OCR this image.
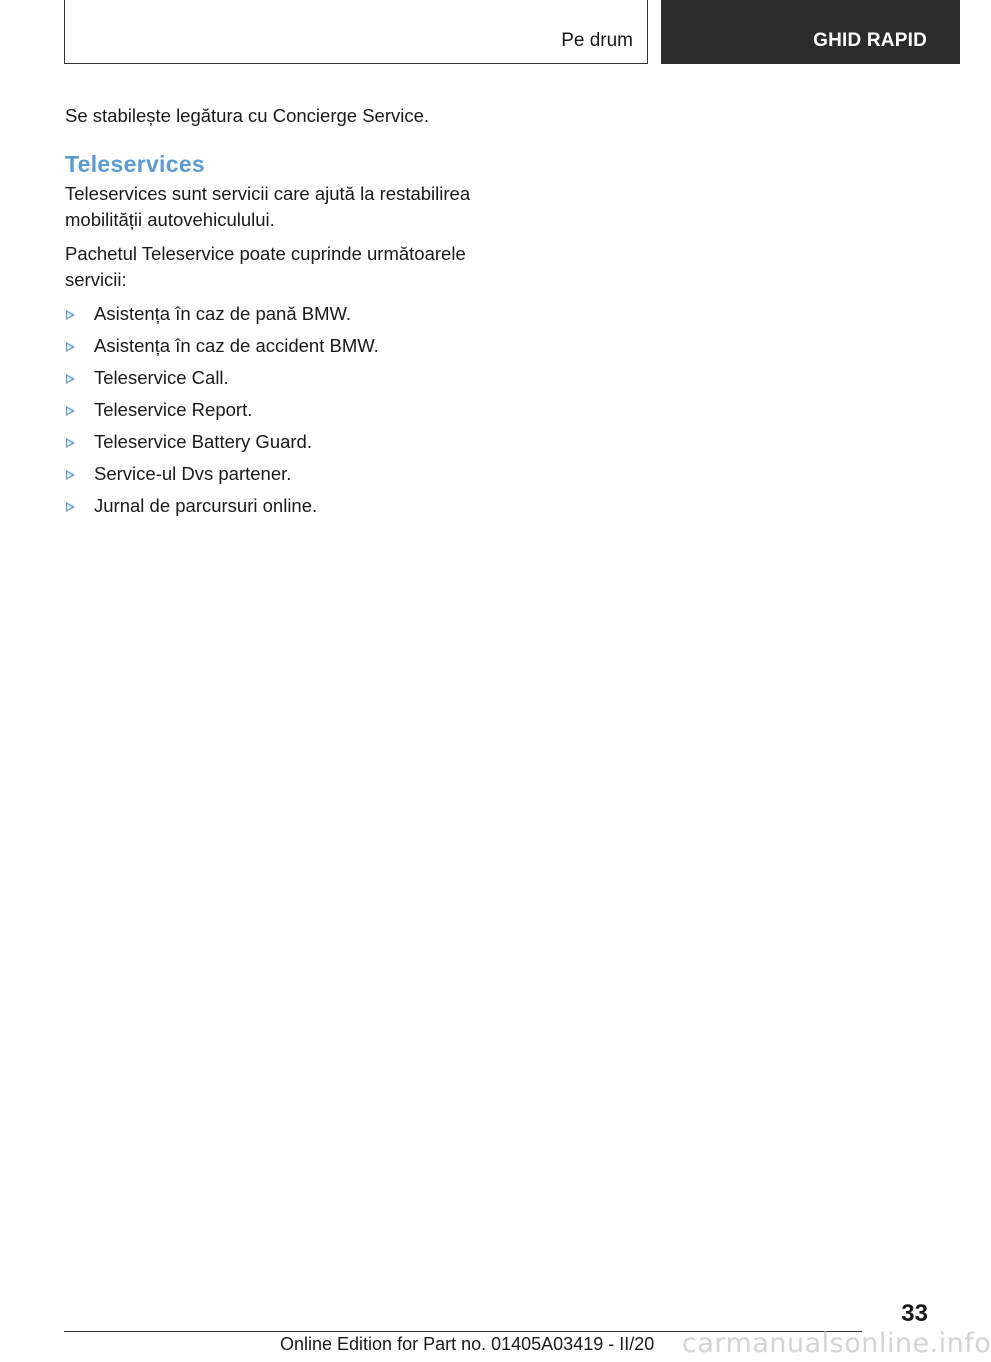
Pe drum	GHID RAPID

Se stabilește legătura cu Concierge Service.

Teleservices

Teleservices sunt servicii care ajută la restabilirea mobilității autovehiculului.

Pachetul Teleservice poate cuprinde următoarele servicii:

Asistența în caz de pană BMW.
Asistența în caz de accident BMW.
Teleservice Call.
Teleservice Report.
Teleservice Battery Guard.
Service-ul Dvs partener.
Jurnal de parcursuri online.
33
Online Edition for Part no. 01405A03419 - II/20 carmanualsonline.info
